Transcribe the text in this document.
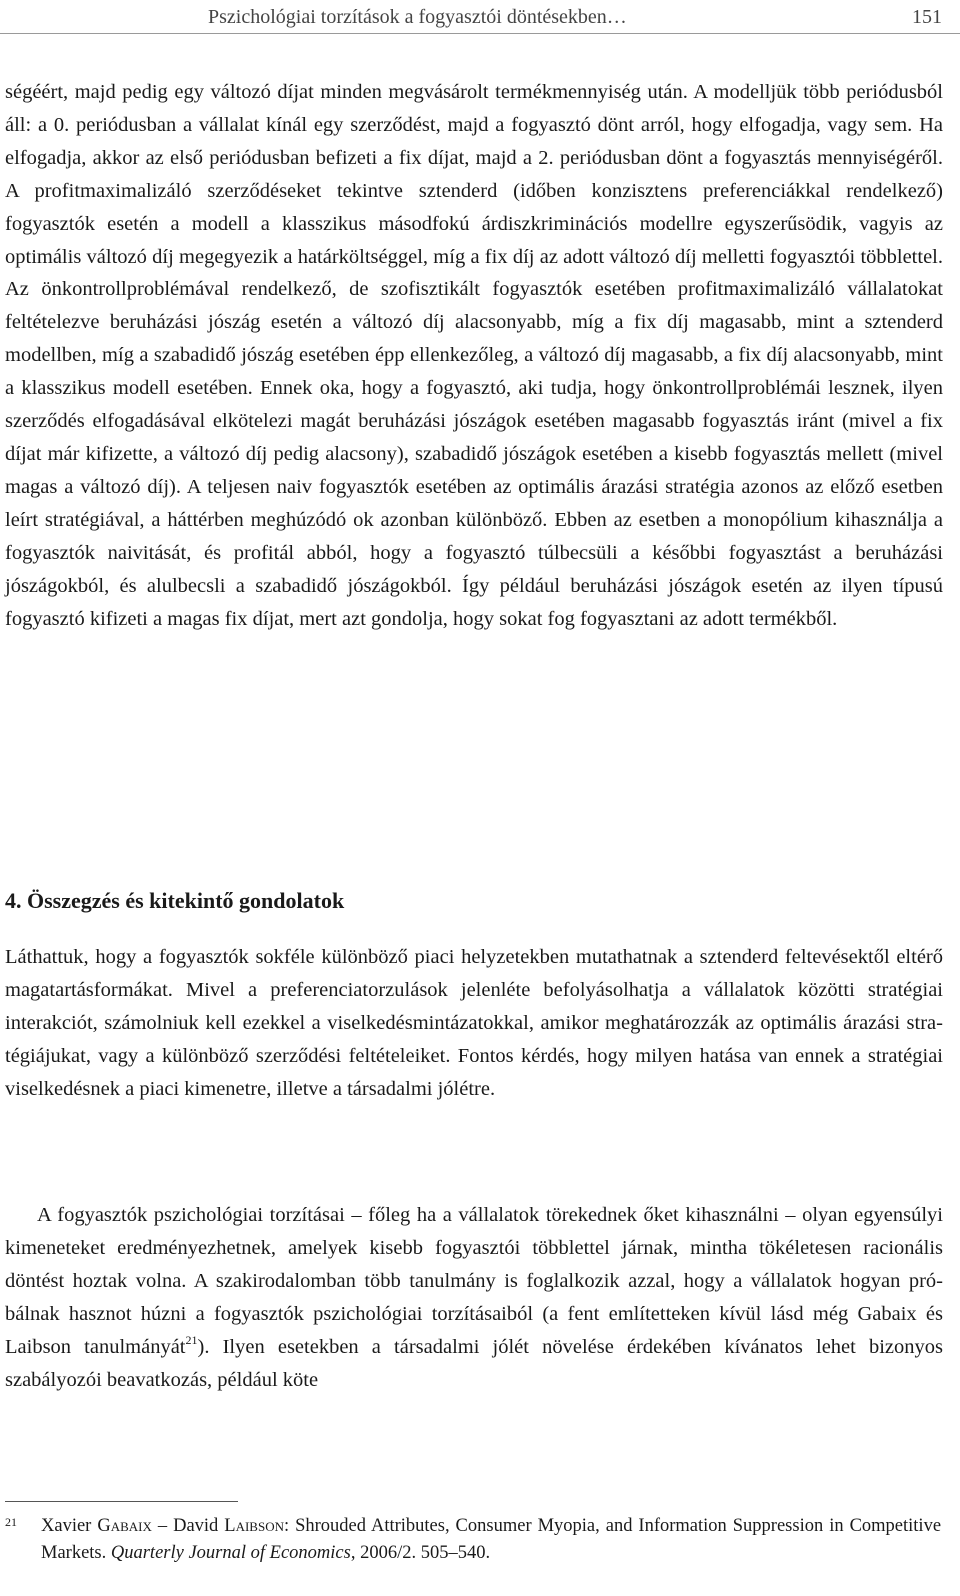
Pszichológiai torzítások a fogyasztói döntésekben…	151

ségéért, majd pedig egy változó díjat minden megvásárolt termékmennyiség után. A modelljük több periódusból áll: a 0. periódusban a vállalat kínál egy szerződést, majd a fogyasztó dönt arról, hogy elfogadja, vagy sem. Ha elfogadja, akkor az első periódusban befizeti a fix díjat, majd a 2. periódusban dönt a fogyasztás mennyiségéről. A profitmaximalizáló szerződéseket tekintve sztenderd (időben konzisztens preferenciákkal rendelkező) fogyasztók esetén a modell a klasszikus másodfokú árdiszkriminációs modellre egyszerűsödik, vagyis az optimális változó díj megegyezik a határköltséggel, míg a fix díj az adott változó díj melletti fogyasztói többlettel. Az önkontrollproblémával rendelkező, de szofisztikált fogyasztók esetében profitmaximalizáló vállalatokat feltételezve beruházási jószág esetén a változó díj alacsonyabb, míg a fix díj magasabb, mint a sztenderd modellben, míg a szabadidő jószág esetében épp ellenkezőleg, a változó díj magasabb, a fix díj alacsonyabb, mint a klasszikus modell esetében. Ennek oka, hogy a fogyasztó, aki tudja, hogy önkontrollproblémái lesznek, ilyen szerződés elfogadásával elkötelezi magát beruházási jószágok esetében magasabb fogyasztás iránt (mivel a fix díjat már kifizette, a változó díj pedig alacsony), szabadidő jószágok esetében a kisebb fogyasztás mellett (mivel magas a változó díj). A teljesen naiv fogyasztók esetében az optimális árazási stratégia azonos az előző esetben leírt stratégiával, a háttérben meghúzódó ok azonban különböző. Ebben az esetben a monopólium kihasználja a fogyasztók naivitását, és profitál abból, hogy a fogyasztó túlbecsüli a későbbi fogyasztást a beruházási jószágokból, és alulbecsli a szabadidő jószágokból. Így például beruházási jószágok esetén az ilyen típusú fogyasztó kifizeti a magas fix díjat, mert azt gondolja, hogy sokat fog fogyasztani az adott termékből.

4. Összegzés és kitekintő gondolatok

Láthattuk, hogy a fogyasztók sokféle különböző piaci helyzetekben mutathatnak a sztenderd feltevésektől eltérő magatartásformákat. Mivel a preferenciatorzulások jelenléte befolyásolhatja a vállalatok közötti stratégiai interakciót, számolniuk kell ezekkel a viselkedésmintázatokkal, amikor meghatározzák az optimális árazási stratégiájukat, vagy a különböző szerződési feltételeiket. Fontos kérdés, hogy milyen hatása van ennek a stratégiai viselkedésnek a piaci kimenetre, illetve a társadalmi jólétre.

A fogyasztók pszichológiai torzításai – főleg ha a vállalatok törekednek őket kihasználni – olyan egyensúlyi kimeneteket eredményezhetnek, amelyek kisebb fogyasztói többlettel járnak, mintha tökéletesen racionális döntést hoztak volna. A szakirodalomban több tanulmány is foglalkozik azzal, hogy a vállalatok hogyan próbálnak hasznot húzni a fogyasztók pszichológiai torzításaiból (a fent említetteken kívül lásd még Gabaix és Laibson tanulmányát$^{21}$). Ilyen esetekben a társadalmi jólét növelése érdekében kívánatos lehet bizonyos szabályozói beavatkozás, például köte

21 Xavier Gabaix – David Laibson: Shrouded Attributes, Consumer Myopia, and Information Suppression in Competitive Markets. Quarterly Journal of Economics, 2006/2. 505–540.
